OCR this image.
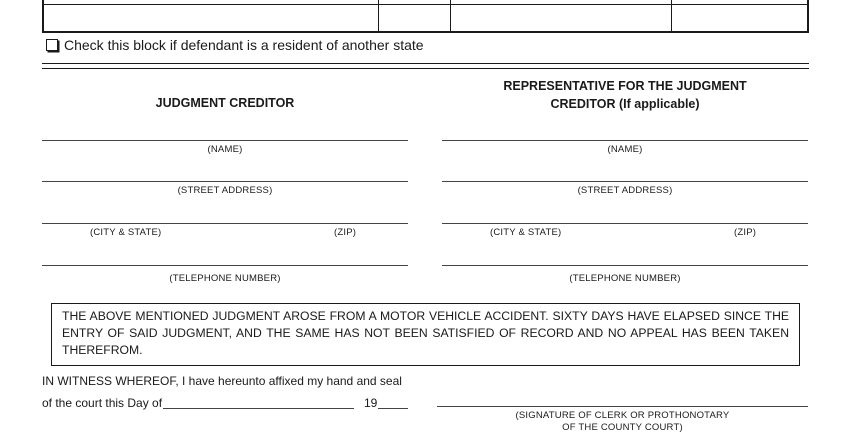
Check this block if defendant is a resident of another state
JUDGMENT CREDITOR
REPRESENTATIVE FOR THE JUDGMENT
CREDITOR (If applicable)
(NAME)
(STREET ADDRESS)
(CITY & STATE)	(ZIP)
(TELEPHONE NUMBER)
(NAME)
(STREET ADDRESS)
(CITY & STATE)	(ZIP)
(TELEPHONE NUMBER)
THE ABOVE MENTIONED JUDGMENT AROSE FROM A MOTOR VEHICLE ACCIDENT. SIXTY DAYS HAVE ELAPSED SINCE THE ENTRY OF SAID JUDGMENT, AND THE SAME HAS NOT BEEN SATISFIED OF RECORD AND NO APPEAL HAS BEEN TAKEN THEREFROM.
IN WITNESS WHEREOF, I have hereunto affixed my hand and seal
of the court this Day of	19
(SIGNATURE OF CLERK OR PROTHONOTARY
OF THE COUNTY COURT)
